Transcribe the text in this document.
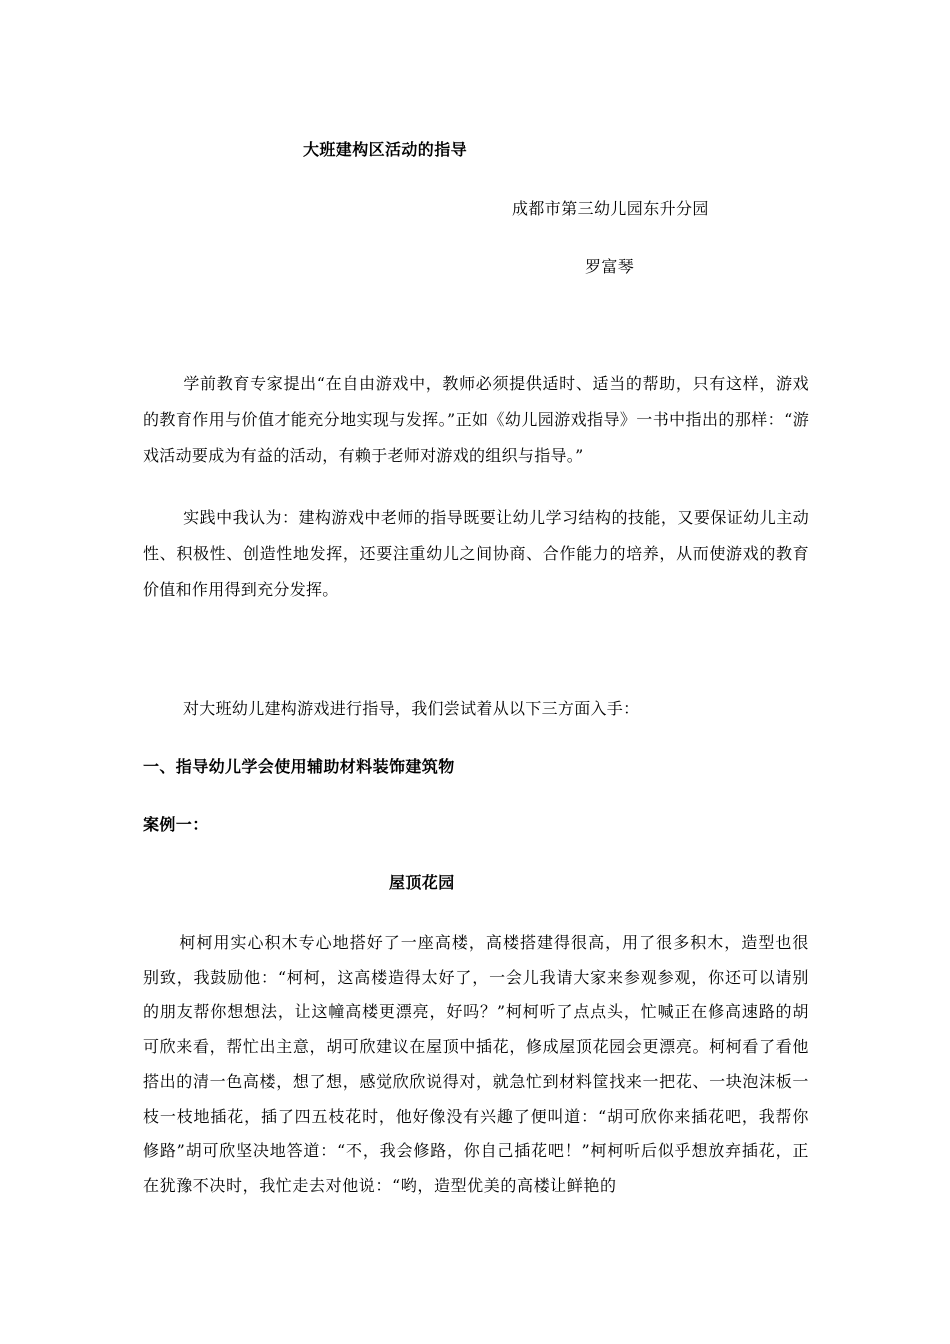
大班建构区活动的指导
成都市第三幼儿园东升分园
罗富琴

学前教育专家提出“在自由游戏中，教师必须提供适时、适当的帮助，只有这样，游戏的教育作用与价值才能充分地实现与发挥。”正如《幼儿园游戏指导》一书中指出的那样：“游戏活动要成为有益的活动，有赖于老师对游戏的组织与指导。”

实践中我认为：建构游戏中老师的指导既要让幼儿学习结构的技能，又要保证幼儿主动性、积极性、创造性地发挥，还要注重幼儿之间协商、合作能力的培养，从而使游戏的教育价值和作用得到充分发挥。

对大班幼儿建构游戏进行指导，我们尝试着从以下三方面入手：

一、指导幼儿学会使用辅助材料装饰建筑物
案例一：
屋顶花园

柯柯用实心积木专心地搭好了一座高楼，高楼搭建得很高，用了很多积木，造型也很别致，我鼓励他：“柯柯，这高楼造得太好了，一会儿我请大家来参观参观，你还可以请别的朋友帮你想想法，让这幢高楼更漂亮，好吗？”柯柯听了点点头，忙喊正在修高速路的胡可欣来看，帮忙出主意，胡可欣建议在屋顶中插花，修成屋顶花园会更漂亮。柯柯看了看他搭出的清一色高楼，想了想，感觉欣欣说得对，就急忙到材料筐找来一把花、一块泡沫板一枝一枝地插花，插了四五枝花时，他好像没有兴趣了便叫道：“胡可欣你来插花吧，我帮你修路”胡可欣坚决地答道：“不，我会修路，你自己插花吧！”柯柯听后似乎想放弃插花，正在犹豫不决时，我忙走去对他说：“哟，造型优美的高楼让鲜艳的
